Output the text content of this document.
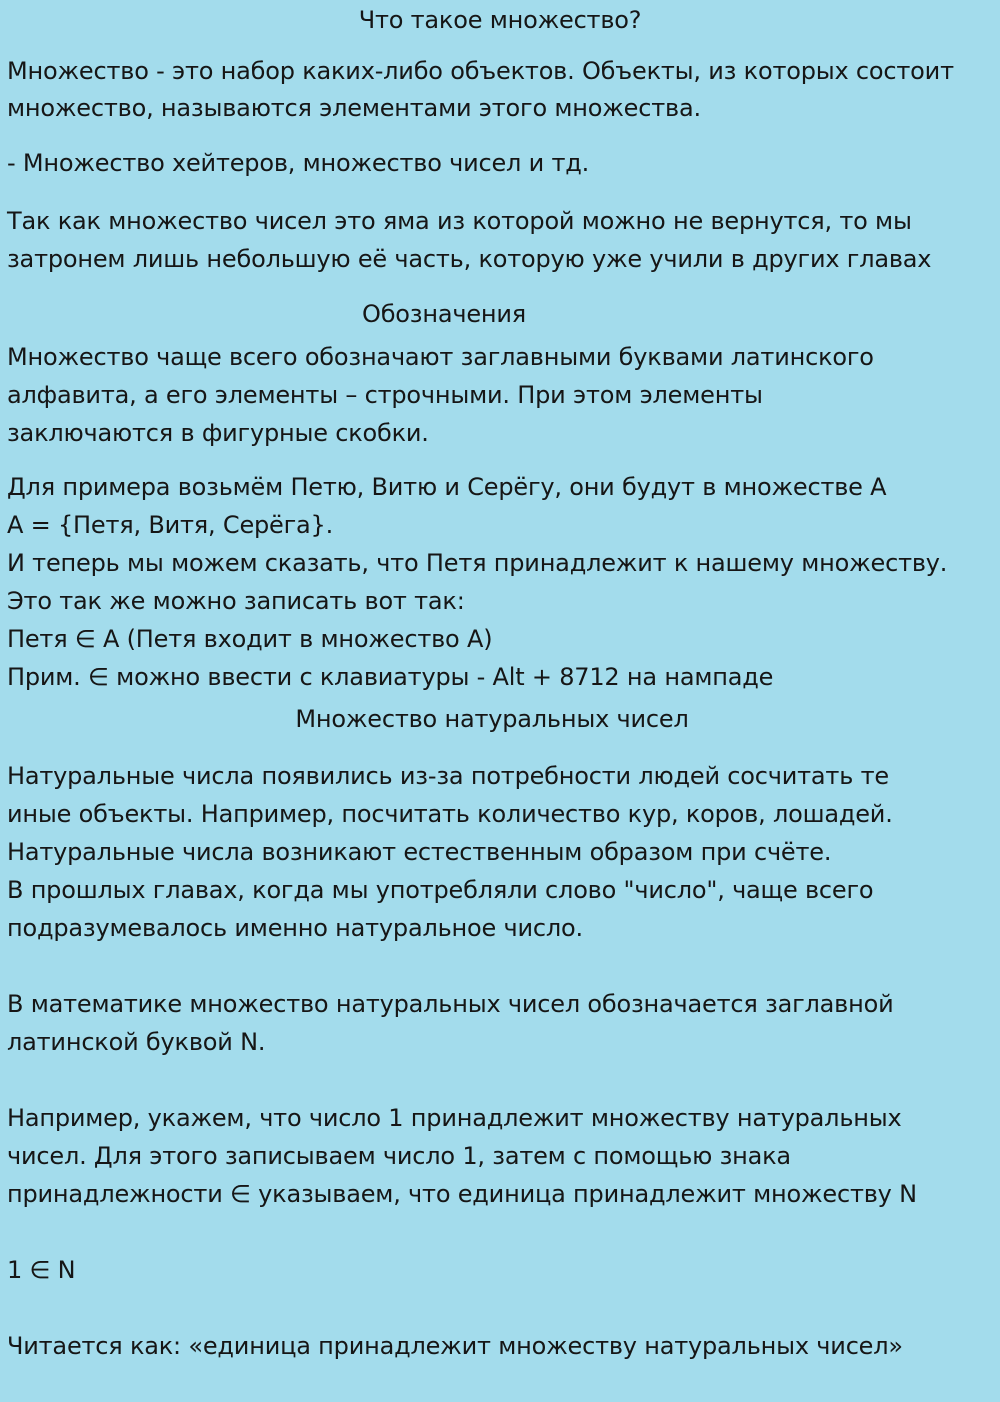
Что такое множество?
Множество - это набор каких-либо объектов. Объекты, из которых состоит
множество, называются элементами этого множества.
- Множество хейтеров, множество чисел и тд.
Так как множество чисел это яма из которой можно не вернутся, то мы
затронем лишь небольшую её часть, которую уже учили в других главах
Обозначения
Множество чаще всего обозначают заглавными буквами латинского
алфавита, а его элементы – строчными. При этом элементы
заключаются в фигурные скобки.
Для примера возьмём Петю, Витю и Серёгу, они будут в множестве А
А = {Петя, Витя, Серёга}.
И теперь мы можем сказать, что Петя принадлежит к нашему множеству.
Это так же можно записать вот так:
Петя ∈ А (Петя входит в множество А)
Прим. ∈ можно ввести с клавиатуры - Alt + 8712 на нампаде
Множество натуральных чисел
Натуральные числа появились из-за потребности людей сосчитать те
иные объекты. Например, посчитать количество кур, коров, лошадей.
Натуральные числа возникают естественным образом при счёте.
В прошлых главах, когда мы употребляли слово "число", чаще всего
подразумевалось именно натуральное число.
В математике множество натуральных чисел обозначается заглавной
латинской буквой N.
Например, укажем, что число 1 принадлежит множеству натуральных
чисел. Для этого записываем число 1, затем с помощью знака
принадлежности ∈ указываем, что единица принадлежит множеству N
1 ∈ N
Читается как: «единица принадлежит множеству натуральных чисел»
